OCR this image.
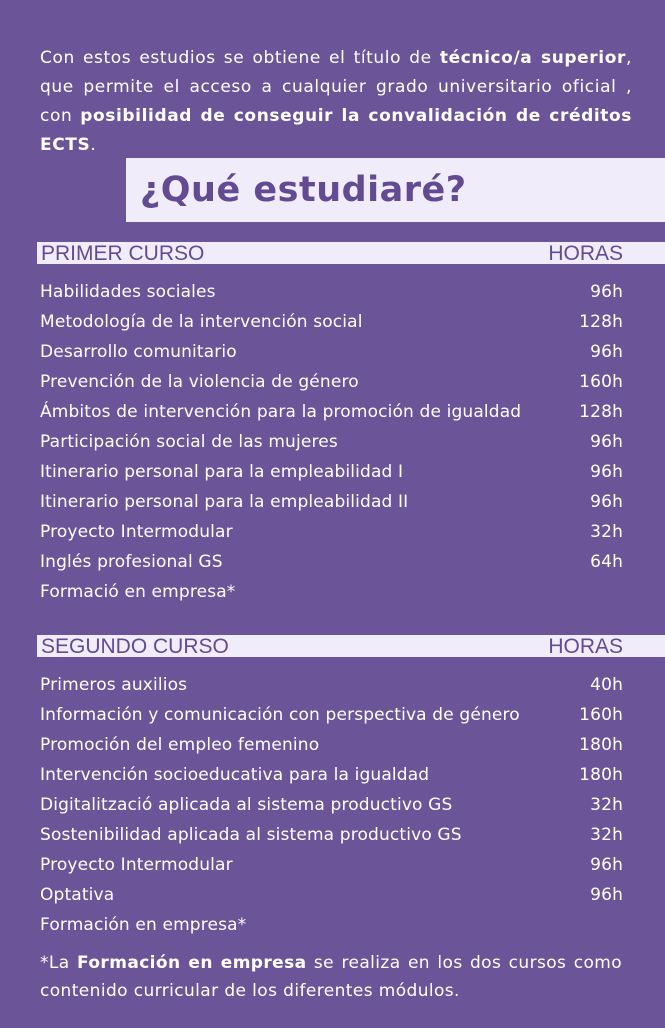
Con estos estudios se obtiene el título de técnico/a superior, que permite el acceso a cualquier grado universitario oficial , con posibilidad de conseguir la convalidación de créditos ECTS.
¿Qué estudiaré?
PRIMER CURSO	HORAS
Habilidades sociales	96h
Metodología de la intervención social	128h
Desarrollo comunitario	96h
Prevención de la violencia de género	160h
Ámbitos de intervención para la promoción de igualdad	128h
Participación social de las mujeres	96h
Itinerario personal para la empleabilidad I	96h
Itinerario personal para la empleabilidad II	96h
Proyecto Intermodular	32h
Inglés profesional GS	64h
Formació en empresa*
SEGUNDO CURSO	HORAS
Primeros auxilios	40h
Información y comunicación con perspectiva de género	160h
Promoción del empleo femenino	180h
Intervención socioeducativa para la igualdad	180h
Digitalització aplicada al sistema productivo GS	32h
Sostenibilidad aplicada al sistema productivo GS	32h
Proyecto Intermodular	96h
Optativa	96h
Formación en empresa*
*La Formación en empresa se realiza en los dos cursos como contenido curricular de los diferentes módulos.
